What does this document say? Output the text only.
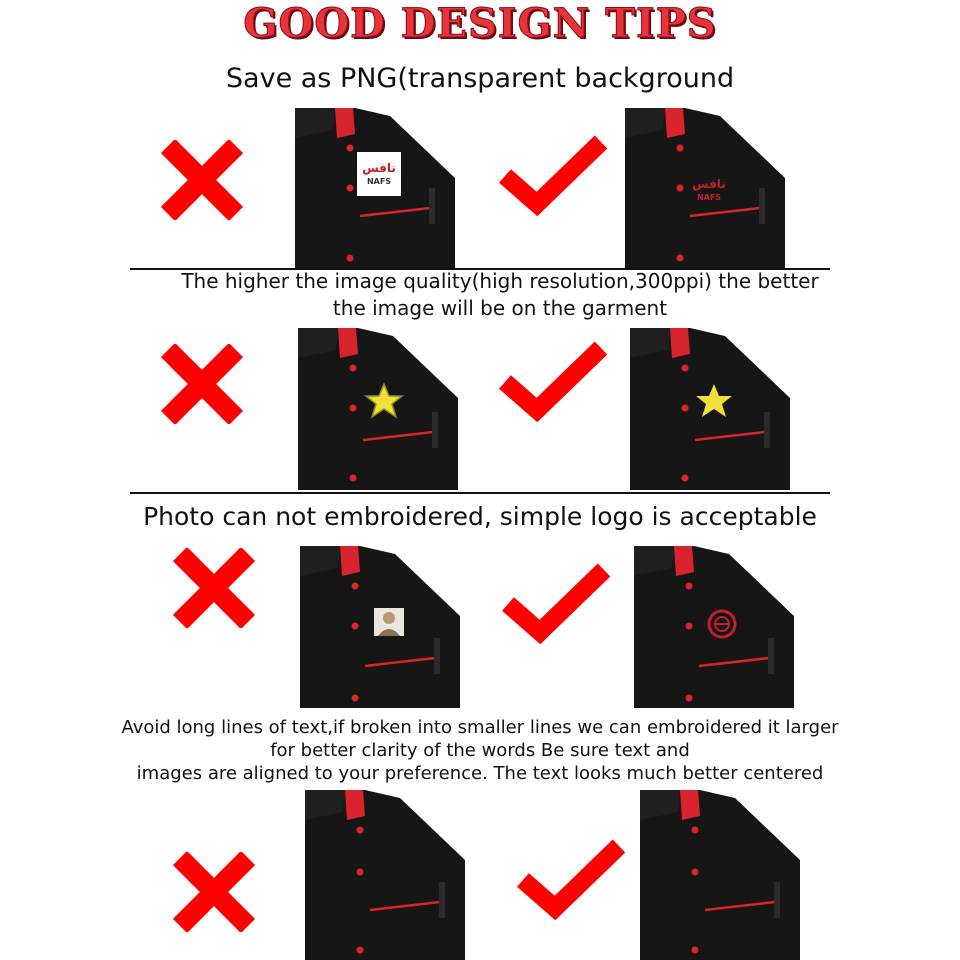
GOOD DESIGN TIPS
Save as PNG(transparent background
نافس
NAFS	نافس
NAFS
The higher the image quality(high resolution,300ppi) the better
the image will be on the garment
Photo can not embroidered, simple logo is acceptable
Avoid long lines of text,if broken into smaller lines we can embroidered it larger
for better clarity of the words Be sure text and
images are aligned to your preference. The text looks much better centered
